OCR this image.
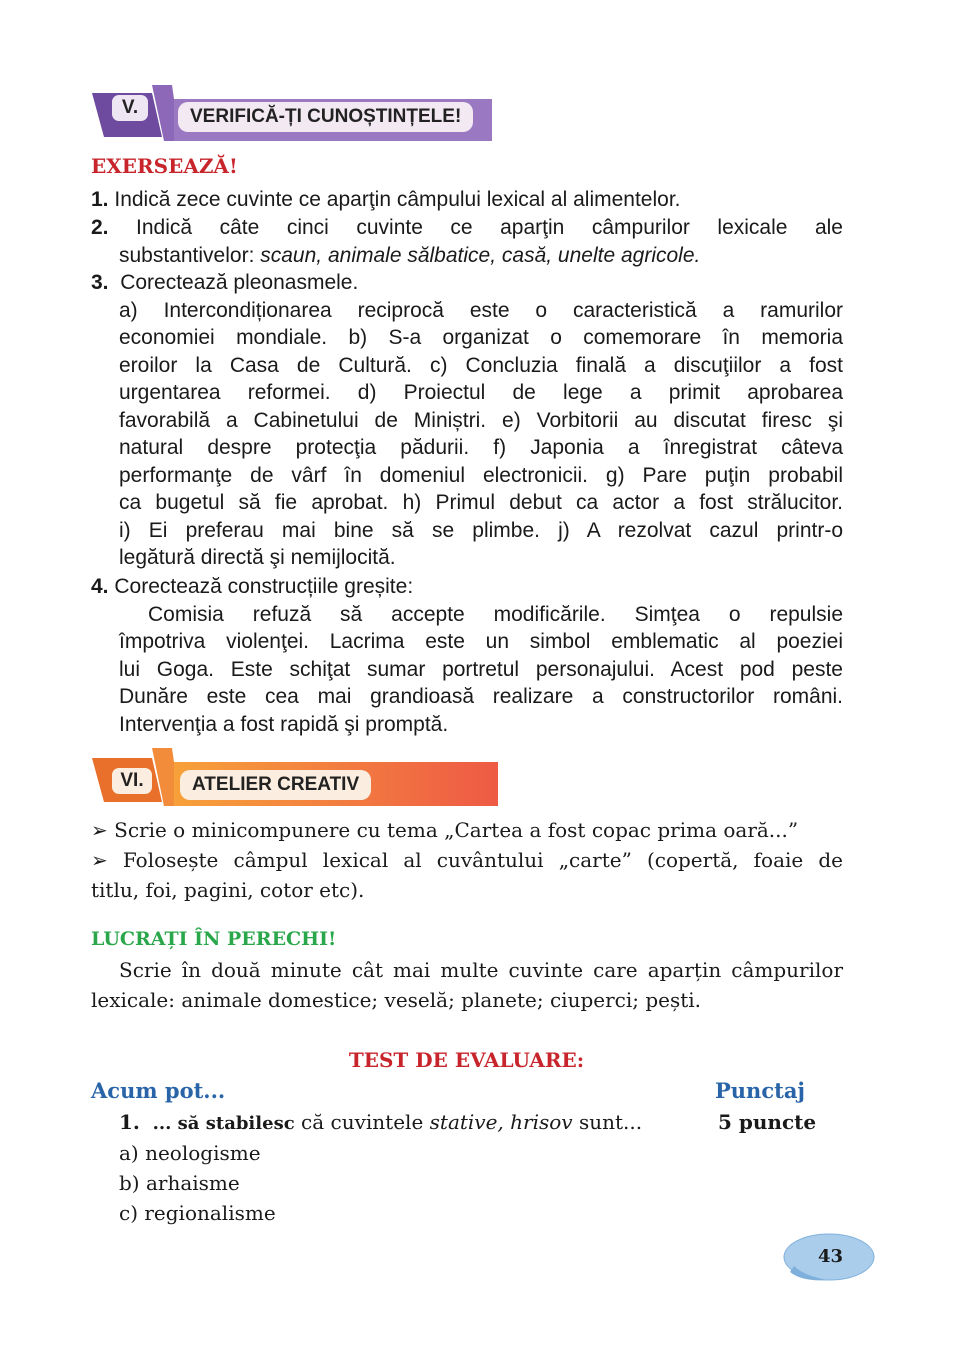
V.	VERIFICĂ-ȚI CUNOȘTINȚELE!
EXERSEAZĂ!
1. Indică zece cuvinte ce aparţin câmpului lexical al alimentelor.
2. Indică câte cinci cuvinte ce aparţin câmpurilor lexicale ale
substantivelor: scaun, animale sălbatice, casă, unelte agricole.
3. Corectează pleonasmele.
a) Intercondiționarea reciprocă este o caracteristică a ramurilor
economiei mondiale. b) S-a organizat o comemorare în memoria
eroilor la Casa de Cultură. c) Concluzia finală a discuţiilor a fost
urgentarea reformei. d) Proiectul de lege a primit aprobarea
favorabilă a Cabinetului de Miniștri. e) Vorbitorii au discutat firesc şi
natural despre protecţia pădurii. f) Japonia a înregistrat câteva
performanţe de vârf în domeniul electronicii. g) Pare puţin probabil
ca bugetul să fie aprobat. h) Primul debut ca actor a fost strălucitor.
i) Ei preferau mai bine să se plimbe. j) A rezolvat cazul printr-o
legătură directă şi nemijlocită.
4. Corectează construcțiile greșite:
Comisia refuză să accepte modificările. Simţea o repulsie
împotriva violenţei. Lacrima este un simbol emblematic al poeziei
lui Goga. Este schiţat sumar portretul personajului. Acest pod peste
Dunăre este cea mai grandioasă realizare a constructorilor români.
Intervenţia a fost rapidă şi promptă.
VI.	ATELIER CREATIV
➢ Scrie o minicompunere cu tema „Cartea a fost copac prima oară...”
➢ Folosește câmpul lexical al cuvântului „carte” (copertă, foaie de
titlu, foi, pagini, cotor etc).
LUCRAȚI ÎN PERECHI!
Scrie în două minute cât mai multe cuvinte care aparțin câmpurilor
lexicale: animale domestice; veselă; planete; ciuperci; pești.
TEST DE EVALUARE:
Acum pot...	Punctaj
1. ... să stabilesc că cuvintele stative, hrisov sunt...	5 puncte
a) neologisme
b) arhaisme
c) regionalisme
43
